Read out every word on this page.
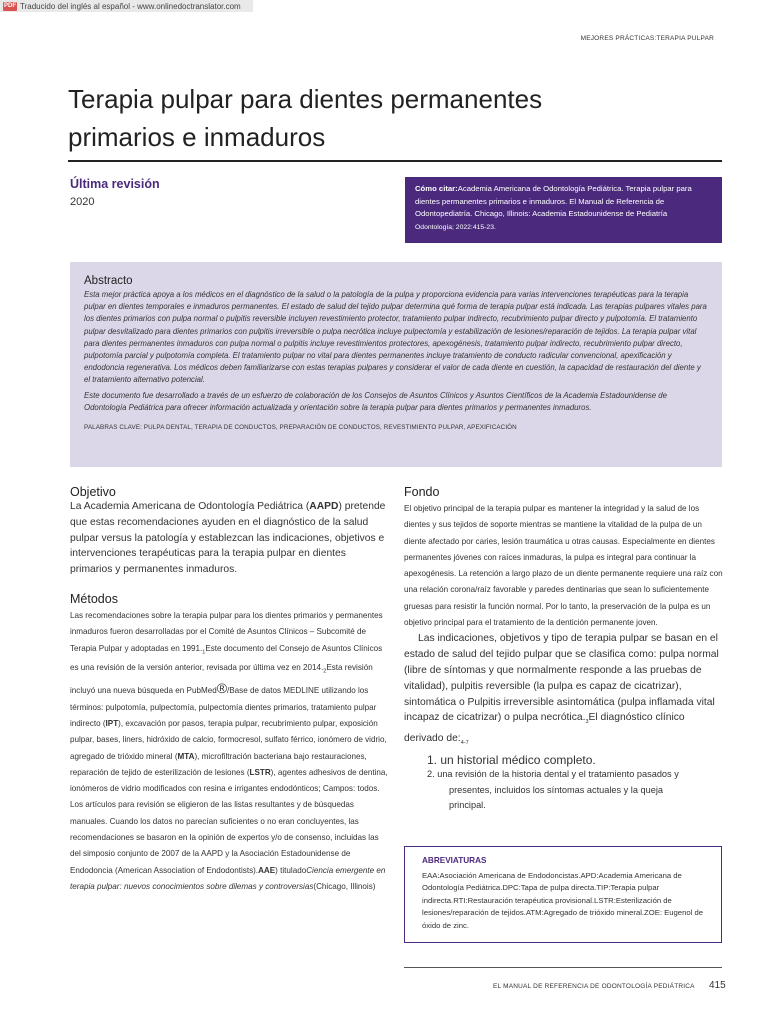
PDF Traducido del inglés al español - www.onlinedoctranslator.com
MEJORES PRÁCTICAS:TERAPIA PULPAR
Terapia pulpar para dientes permanentes
primarios e inmaduros
Última revisión
2020
Cómo citar:Academia Americana de Odontología Pediátrica. Terapia pulpar para dientes permanentes primarios e inmaduros. El Manual de Referencia de Odontopediatría. Chicago, Illinois: Academia Estadounidense de Pediatría
Odontología; 2022:415-23.
Abstracto
Esta mejor práctica apoya a los médicos en el diagnóstico de la salud o la patología de la pulpa y proporciona evidencia para varias intervenciones terapéuticas para la terapia pulpar en dientes temporales e inmaduros permanentes. El estado de salud del tejido pulpar determina qué forma de terapia pulpar está indicada. Las terapias pulpares vitales para los dientes primarios con pulpa normal o pulpitis reversible incluyen revestimiento protector, tratamiento pulpar indirecto, recubrimiento pulpar directo y pulpotomía. El tratamiento pulpar desvitalizado para dientes primarios con pulpitis irreversible o pulpa necrótica incluye pulpectomía y estabilización de lesiones/reparación de tejidos. La terapia pulpar vital para dientes permanentes inmaduros con pulpa normal o pulpitis incluye revestimientos protectores, apexogénesis, tratamiento pulpar indirecto, recubrimiento pulpar directo, pulpotomía parcial y pulpotomía completa. El tratamiento pulpar no vital para dientes permanentes incluye tratamiento de conducto radicular convencional, apexificación y endodoncia regenerativa. Los médicos deben familiarizarse con estas terapias pulpares y considerar el valor de cada diente en cuestión, la capacidad de restauración del diente y el tratamiento alternativo potencial.
Este documento fue desarrollado a través de un esfuerzo de colaboración de los Consejos de Asuntos Clínicos y Asuntos Científicos de la Academia Estadounidense de Odontología Pediátrica para ofrecer información actualizada y orientación sobre la terapia pulpar para dientes primarios y permanentes inmaduros.
PALABRAS CLAVE: PULPA DENTAL, TERAPIA DE CONDUCTOS, PREPARACIÓN DE CONDUCTOS, REVESTIMIENTO PULPAR, APEXIFICACIÓN
Objetivo

La Academia Americana de Odontología Pediátrica (AAPD) pretende que estas recomendaciones ayuden en el diagnóstico de la salud pulpar versus la patología y establezcan las indicaciones, objetivos e intervenciones terapéuticas para la terapia pulpar en dientes primarios y permanentes inmaduros.

Métodos

Las recomendaciones sobre la terapia pulpar para los dientes primarios y permanentes inmaduros fueron desarrolladas por el Comité de Asuntos Clínicos – Subcomité de Terapia Pulpar y adoptadas en $1991._1Este$ documento del Consejo de Asuntos Clínicos es una revisión de la versión anterior, revisada por última vez en $2014._2Esta$ revisión incluyó una nueva búsqueda en PubMed®/Base de datos MEDLINE utilizando los términos: pulpotomía, pulpectomía, pulpectomía dientes primarios, tratamiento pulpar indirecto (IPT), excavación por pasos, terapia pulpar, recubrimiento pulpar, exposición pulpar, bases, liners, hidróxido de calcio, formocresol, sulfato férrico, ionómero de vidrio, agregado de trióxido mineral (MTA), microfiltración bacteriana bajo restauraciones, reparación de tejido de esterilización de lesiones (LSTR), agentes adhesivos de dentina, ionómeros de vidrio modificados con resina e irrigantes endodónticos; Campos: todos. Los artículos para revisión se eligieron de las listas resultantes y de búsquedas manuales. Cuando los datos no parecían suficientes o no eran concluyentes, las recomendaciones se basaron en la opinión de expertos y/o de consenso, incluidas las del simposio conjunto de 2007 de la AAPD y la Asociación Estadounidense de Endodoncia (American Association of Endodontists).AAE) tituladoCiencia emergente en terapia pulpar: nuevos conocimientos sobre dilemas y controversias(Chicago, Illinois)

Fondo

El objetivo principal de la terapia pulpar es mantener la integridad y la salud de los dientes y sus tejidos de soporte mientras se mantiene la vitalidad de la pulpa de un diente afectado por caries, lesión traumática u otras causas. Especialmente en dientes permanentes jóvenes con raíces inmaduras, la pulpa es integral para continuar la apexogénesis. La retención a largo plazo de un diente permanente requiere una raíz con una relación corona/raíz favorable y paredes dentinarias que sean lo suficientemente gruesas para resistir la función normal. Por lo tanto, la preservación de la pulpa es un objetivo principal para el tratamiento de la dentición permanente joven.

Las indicaciones, objetivos y tipo de terapia pulpar se basan en el estado de salud del tejido pulpar que se clasifica como: pulpa normal (libre de síntomas y que normalmente responde a las pruebas de vitalidad), pulpitis reversible (la pulpa es capaz de cicatrizar), sintomática o Pulpitis irreversible asintomática (pulpa inflamada vital incapaz de cicatrizar) o pulpa $necrótica._3El$ diagnóstico clínico derivado $de:_{4-7}$

1. un historial médico completo.
2. una revisión de la historia dental y el tratamiento pasados y
presentes, incluidos los síntomas actuales y la queja
principal.
ABREVIATURAS
EAA:Asociación Americana de Endodoncistas.APD:Academia Americana de Odontología Pediátrica.DPC:Tapa de pulpa directa.TIP:Terapia pulpar indirecta.RTI:Restauración terapéutica provisional.LSTR:Esterilización de lesiones/reparación de tejidos.ATM:Agregado de trióxido mineral.ZOE: Eugenol de óxido de zinc.
EL MANUAL DE REFERENCIA DE ODONTOLOGÍA PEDIÁTRICA 415
